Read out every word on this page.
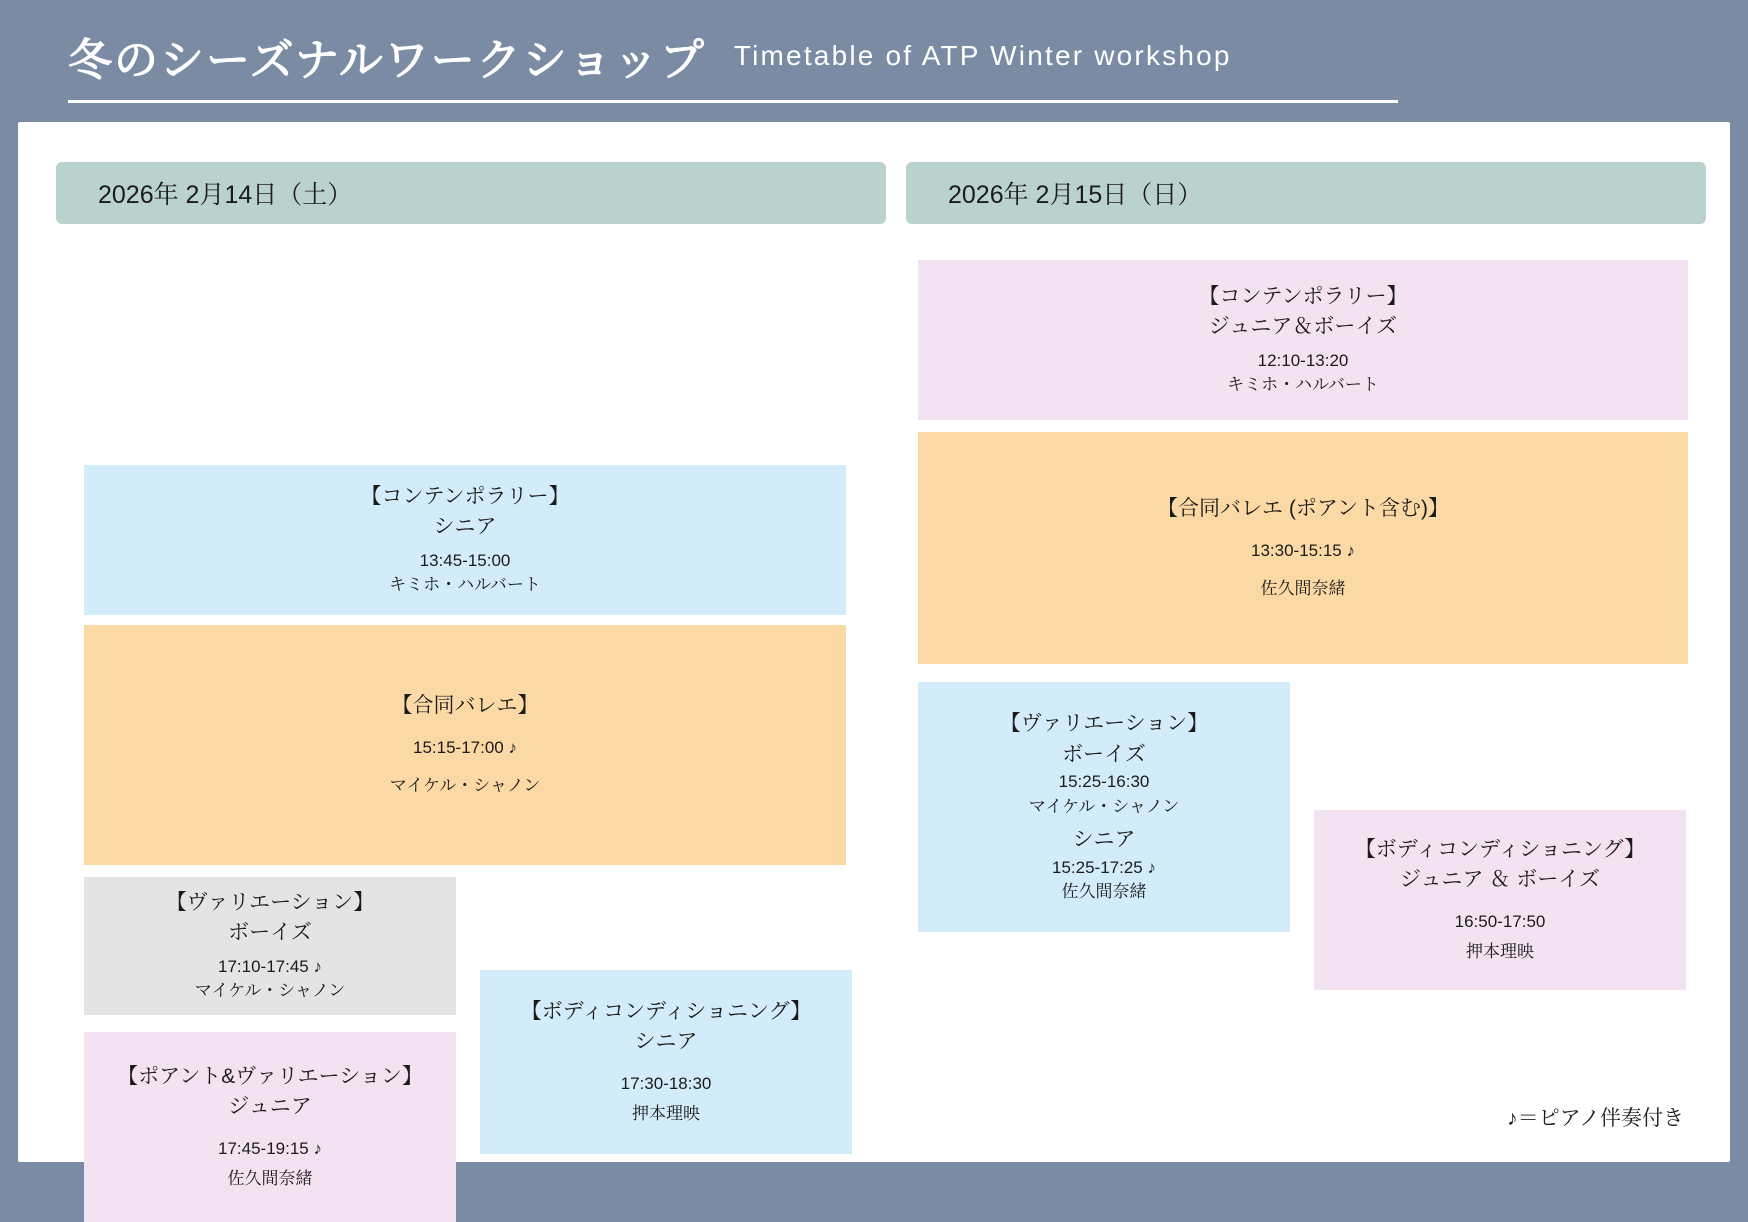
冬のシーズナルワークショップ Timetable of ATP Winter workshop
2026年 2月14日（土）	2026年 2月15日（日）
【コンテンポラリー】
シニア
13:45-15:00
キミホ・ハルバート
【合同バレエ】
15:15-17:00 ♪
マイケル・シャノン
【ヴァリエーション】
ボーイズ
17:10-17:45 ♪
マイケル・シャノン
【ポアント&ヴァリエーション】
ジュニア
17:45-19:15 ♪
佐久間奈緒
【ボディコンディショニング】
シニア
17:30-18:30
押本理映
【コンテンポラリー】
ジュニア＆ボーイズ
12:10-13:20
キミホ・ハルバート
【合同バレエ (ポアント含む)】
13:30-15:15 ♪
佐久間奈緒
【ヴァリエーション】
ボーイズ
15:25-16:30
マイケル・シャノン
シニア
15:25-17:25 ♪
佐久間奈緒
【ボディコンディショニング】
ジュニア ＆ ボーイズ
16:50-17:50
押本理映
♪＝ピアノ伴奏付き
